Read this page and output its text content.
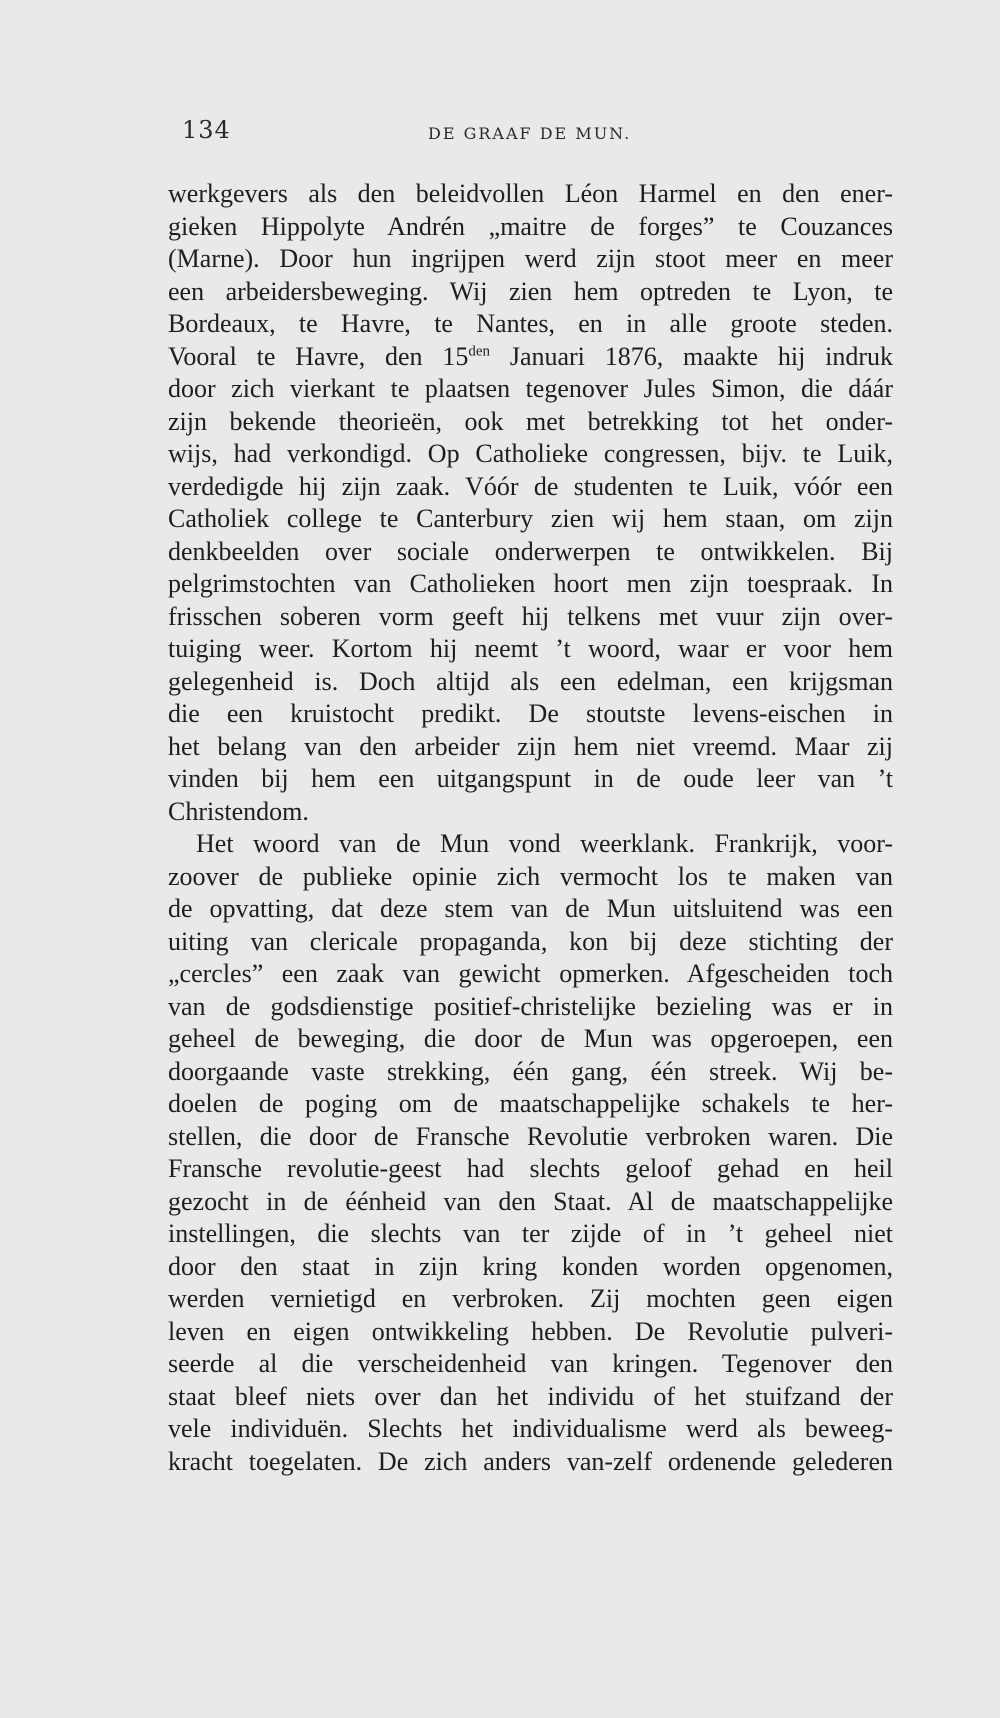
134	DE GRAAF DE MUN.
werkgevers als den beleidvollen Léon Harmel en den ener-
gieken Hippolyte Andrén „maitre de forges” te Couzances
(Marne). Door hun ingrijpen werd zijn stoot meer en meer
een arbeidersbeweging. Wij zien hem optreden te Lyon, te
Bordeaux, te Havre, te Nantes, en in alle groote steden.
Vooral te Havre, den $15^{den}$ Januari 1876, maakte hij indruk
door zich vierkant te plaatsen tegenover Jules Simon, die dáár
zijn bekende theorieën, ook met betrekking tot het onder-
wijs, had verkondigd. Op Catholieke congressen, bijv. te Luik,
verdedigde hij zijn zaak. Vóór de studenten te Luik, vóór een
Catholiek college te Canterbury zien wij hem staan, om zijn
denkbeelden over sociale onderwerpen te ontwikkelen. Bij
pelgrimstochten van Catholieken hoort men zijn toespraak. In
frisschen soberen vorm geeft hij telkens met vuur zijn over-
tuiging weer. Kortom hij neemt ’t woord, waar er voor hem
gelegenheid is. Doch altijd als een edelman, een krijgsman
die een kruistocht predikt. De stoutste levens-eischen in
het belang van den arbeider zijn hem niet vreemd. Maar zij
vinden bij hem een uitgangspunt in de oude leer van ’t
Christendom.
Het woord van de Mun vond weerklank. Frankrijk, voor-
zoover de publieke opinie zich vermocht los te maken van
de opvatting, dat deze stem van de Mun uitsluitend was een
uiting van clericale propaganda, kon bij deze stichting der
„cercles” een zaak van gewicht opmerken. Afgescheiden toch
van de godsdienstige positief-christelijke bezieling was er in
geheel de beweging, die door de Mun was opgeroepen, een
doorgaande vaste strekking, één gang, één streek. Wij be-
doelen de poging om de maatschappelijke schakels te her-
stellen, die door de Fransche Revolutie verbroken waren. Die
Fransche revolutie-geest had slechts geloof gehad en heil
gezocht in de éénheid van den Staat. Al de maatschappelijke
instellingen, die slechts van ter zijde of in ’t geheel niet
door den staat in zijn kring konden worden opgenomen,
werden vernietigd en verbroken. Zij mochten geen eigen
leven en eigen ontwikkeling hebben. De Revolutie pulveri-
seerde al die verscheidenheid van kringen. Tegenover den
staat bleef niets over dan het individu of het stuifzand der
vele individuën. Slechts het individualisme werd als beweeg-
kracht toegelaten. De zich anders van-zelf ordenende gelederen
